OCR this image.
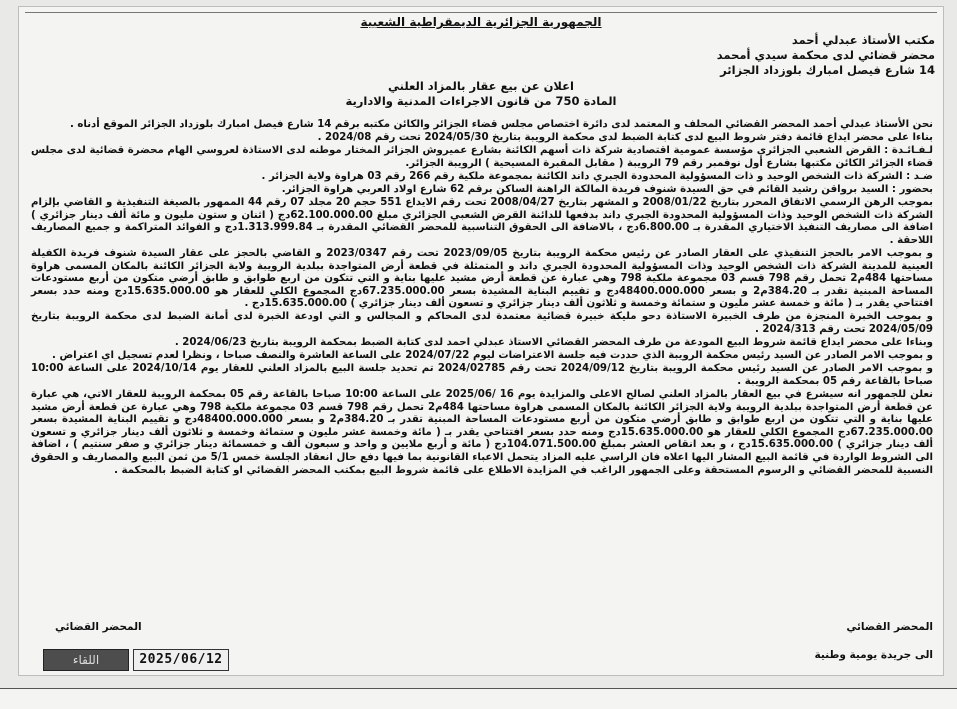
الجمهورية الجزائرية الديمقراطية الشعبية
مكتب الأستاذ عبدلي أحمد
محضر قضائي لدى محكمة سيدي أمحمد
14 شارع فيصل امبارك بلوزداد الجزائر
اعلان عن بيع عقار بالمزاد العلني
المادة 750 من قانون الاجراءات المدنية والادارية

نحن الأستاذ عبدلي أحمد المحضر القضائي المحلف و المعتمد لدى دائرة اختصاص مجلس قضاء الجزائر والكائن مكتبه برقم 14 شارع فيصل امبارك بلوزداد الجزائر الموقع أدناه .

بناءا على محضر ايداع قائمة دفتر شروط البيع لدى كتابة الضبط لدى محكمة الرويبة بتاريخ 2024/05/30 تحت رقم 2024/08 .

لـفـائـدة : القرض الشعبي الجزائري مؤسسة عمومية اقتصادية شركة ذات أسهم الكائنة بشارع عميروش الجزائر المختار موطنه لدى الاستاذة لعروسي الهام محضرة قضائية لدى مجلس قضاء الجزائر الكائن مكتبها بشارع أول نوفمبر رقم 79 الرويبة ( مقابل المقبرة المسيحية ) الرويبة الجزائر.

ضـد : الشركة ذات الشخص الوحيد و ذات المسؤولية المحدودة الجبري داند الكائنة بمجموعة ملكية رقم 266 رقم 03 هراوة ولاية الجزائر .

بحضور : السيد برواقن رشيد القائم في حق السيدة شنوف فريدة المالكة الراهنة الساكن برقم 62 شارع اولاد العربي هراوة الجزائر.

بموجب الرهن الرسمي الاتفاق المحرر بتاريخ 2008/01/22 و المشهر بتاريخ 2008/04/27 تحت رقم الايداع 551 حجم 20 مجلد 07 رقم 44 الممهور بالصيغة التنفيذية و القاضي بإلزام الشركة ذات الشخص الوحيد وذات المسؤولية المحدودة الجبري داند بدفعها للدائنة القرض الشعبي الجزائري مبلغ 62.100.000.00دج ( اثنان و ستون مليون و مائة ألف دينار جزائري ) اضافة الى مصاريف التنفيذ الاختياري المقدرة بـ 6.800.00دج ، بالاضافة الى الحقوق التناسبية للمحضر القضائي المقدرة بـ 1.313.999.84دج و الفوائد المتراكمة و جميع المصاريف اللاحقة .

و بموجب الامر بالحجز التنفيذي على العقار الصادر عن رئيس محكمة الرويبة بتاريخ 2023/09/05 تحت رقم 2023/0347 و القاضي بالحجز على عقار السيدة شنوف فريدة الكفيلة العينية للمدينة الشركة ذات الشخص الوحيد وذات المسؤولية المحدودة الجبري داند و المتمثلة في قطعة أرض المتواجدة ببلدية الرويبة ولاية الجزائر الكائنة بالمكان المسمى هراوة مساحتها 484م2 تحمل رقم 798 قسم 03 مجموعة ملكية 798 وهي عبارة عن قطعة أرض مشيد عليها بناية و التي تتكون من اربع طوابق و طابق أرضي متكون من أربع مستودعات المساحة المبنية تقدر بـ 384.20م2 و بسعر 48400.000.000دج و تقييم البناية المشيدة بسعر 67.235.000.00دج المجموع الكلي للعقار هو 15.635.000.00دج ومنه حدد بسعر افتتاحي يقدر بـ ( مائة و خمسة عشر مليون و ستمائة وخمسة و ثلاثون ألف دينار جزائري و تسعون ألف دينار جزائري ) 15.635.000.00دج .

و بموجب الخبرة المنجزة من طرف الخبيرة الاستاذة دحو مليكة خبيرة قضائية معتمدة لدى المحاكم و المجالس و التي اودعة الخبرة لدى أمانة الضبط لدى محكمة الرويبة بتاريخ 2024/05/09 تحت رقم 2024/313 .

وبناءا على محضر ايداع قائمة شروط البيع المودعة من طرف المحضر القضائي الاستاذ عبدلي احمد لدى كتابة الضبط بمحكمة الرويبة بتاريخ 2024/06/23 .

و بموجب الامر الصادر عن السيد رئيس محكمة الرويبة الذي حددت فيه جلسة الاعتراضات ليوم 2024/07/22 على الساعة العاشرة والنصف صباحا ، ونظرا لعدم تسجيل اي اعتراض .

و بموجب الامر الصادر عن السيد رئيس محكمة الرويبة بتاريخ 2024/09/12 تحت رقم 2024/02785 تم تحديد جلسة البيع بالمزاد العلني للعقار يوم 2024/10/14 على الساعة 10:00 صباحا بالقاعة رقم 05 بمحكمة الرويبة .

نعلن للجمهور انه سيشرع في بيع العقار بالمزاد العلني لصالح الاعلى والمزايدة يوم 16 /2025/06 على الساعة 10:00 صباحا بالقاعة رقم 05 بمحكمة الرويبة للعقار الاتي، هي عبارة عن قطعة أرض المتواجدة ببلدية الرويبة ولاية الجزائر الكائنة بالمكان المسمى هراوة مساحتها 484م2 تحمل رقم 798 قسم 03 مجموعة ملكية 798 وهي عبارة عن قطعة أرض مشيد عليها بناية و التي تتكون من اربع طوابق و طابق أرضي متكون من أربع مستودعات المساحة المبنية تقدر بـ 384.20م2 و بسعر 48400.000.000دج و تقييم البناية المشيدة بسعر 67.235.000.00دج المجموع الكلي للعقار هو 15.635.000.00دج ومنه حدد بسعر افتتاحي يقدر بـ ( مائة وخمسة عشر مليون و ستمائة وخمسة و ثلاثون ألف دينار جزائري و تسعون ألف دينار جزائري ) 15.635.000.00دج ، و بعد انقاص العشر بمبلغ 104.071.500.00دج ( مائة و أربع ملايين و واحد و سبعون ألف و خمسمائة دينار جزائري و صفر سنتيم ) ، اضافة الى الشروط الواردة في قائمة البيع المشار اليها اعلاه فان الراسي عليه المزاد يتحمل الاعباء القانونية بما فيها دفع حال انعقاد الجلسة خمس 5/1 من ثمن البيع والمصاريف و الحقوق النسبية للمحضر القضائي و الرسوم المستحقة وعلى الجمهور الراغب في المزايدة الاطلاع على قائمة شروط البيع بمكتب المحضر القضائي او كتابة الضبط بالمحكمة .

المحضر القضائي
المحضر القضائي
الى جريدة يومية وطنية
2025/06/12
اللقاء
